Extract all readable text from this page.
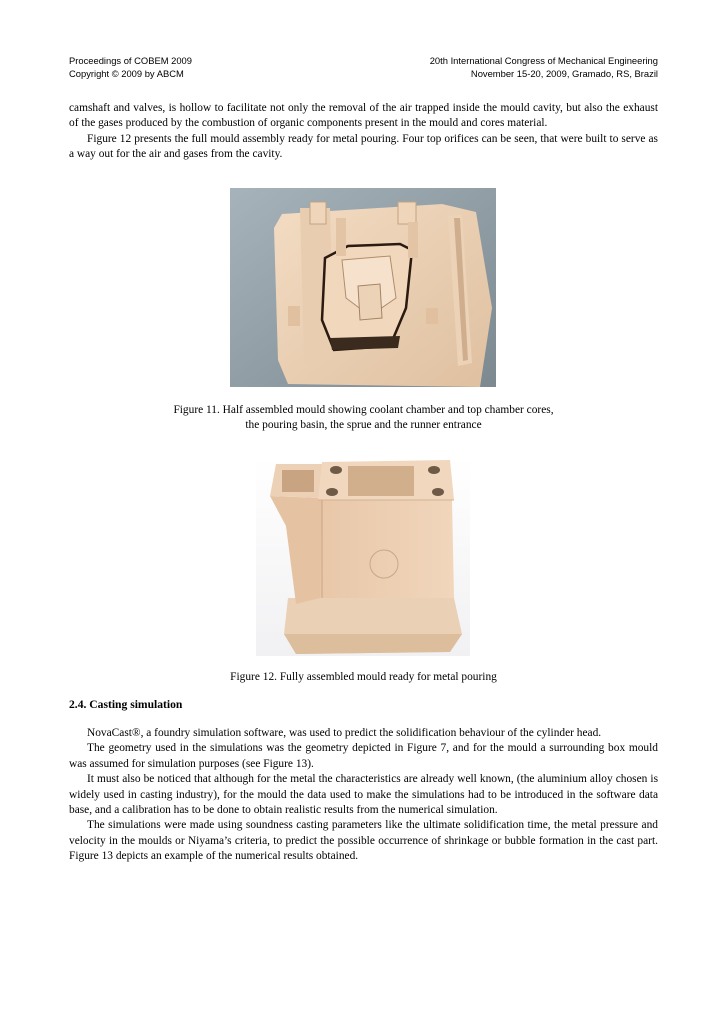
Proceedings of COBEM 2009
Copyright © 2009 by ABCM
20th International Congress of Mechanical Engineering
November 15-20, 2009, Gramado, RS, Brazil

camshaft and valves, is hollow to facilitate not only the removal of the air trapped inside the mould cavity, but also the exhaust of the gases produced by the combustion of organic components present in the mould and cores material.

Figure 12 presents the full mould assembly ready for metal pouring. Four top orifices can be seen, that were built to serve as a way out for the air and gases from the cavity.

Figure 11. Half assembled mould showing coolant chamber and top chamber cores,
the pouring basin, the sprue and the runner entrance
Figure 12. Fully assembled mould ready for metal pouring
2.4. Casting simulation

NovaCast®, a foundry simulation software, was used to predict the solidification behaviour of the cylinder head.

The geometry used in the simulations was the geometry depicted in Figure 7, and for the mould a surrounding box mould was assumed for simulation purposes (see Figure 13).

It must also be noticed that although for the metal the characteristics are already well known, (the aluminium alloy chosen is widely used in casting industry), for the mould the data used to make the simulations had to be introduced in the software data base, and a calibration has to be done to obtain realistic results from the numerical simulation.

The simulations were made using soundness casting parameters like the ultimate solidification time, the metal pressure and velocity in the moulds or Niyama’s criteria, to predict the possible occurrence of shrinkage or bubble formation in the cast part. Figure 13 depicts an example of the numerical results obtained.
